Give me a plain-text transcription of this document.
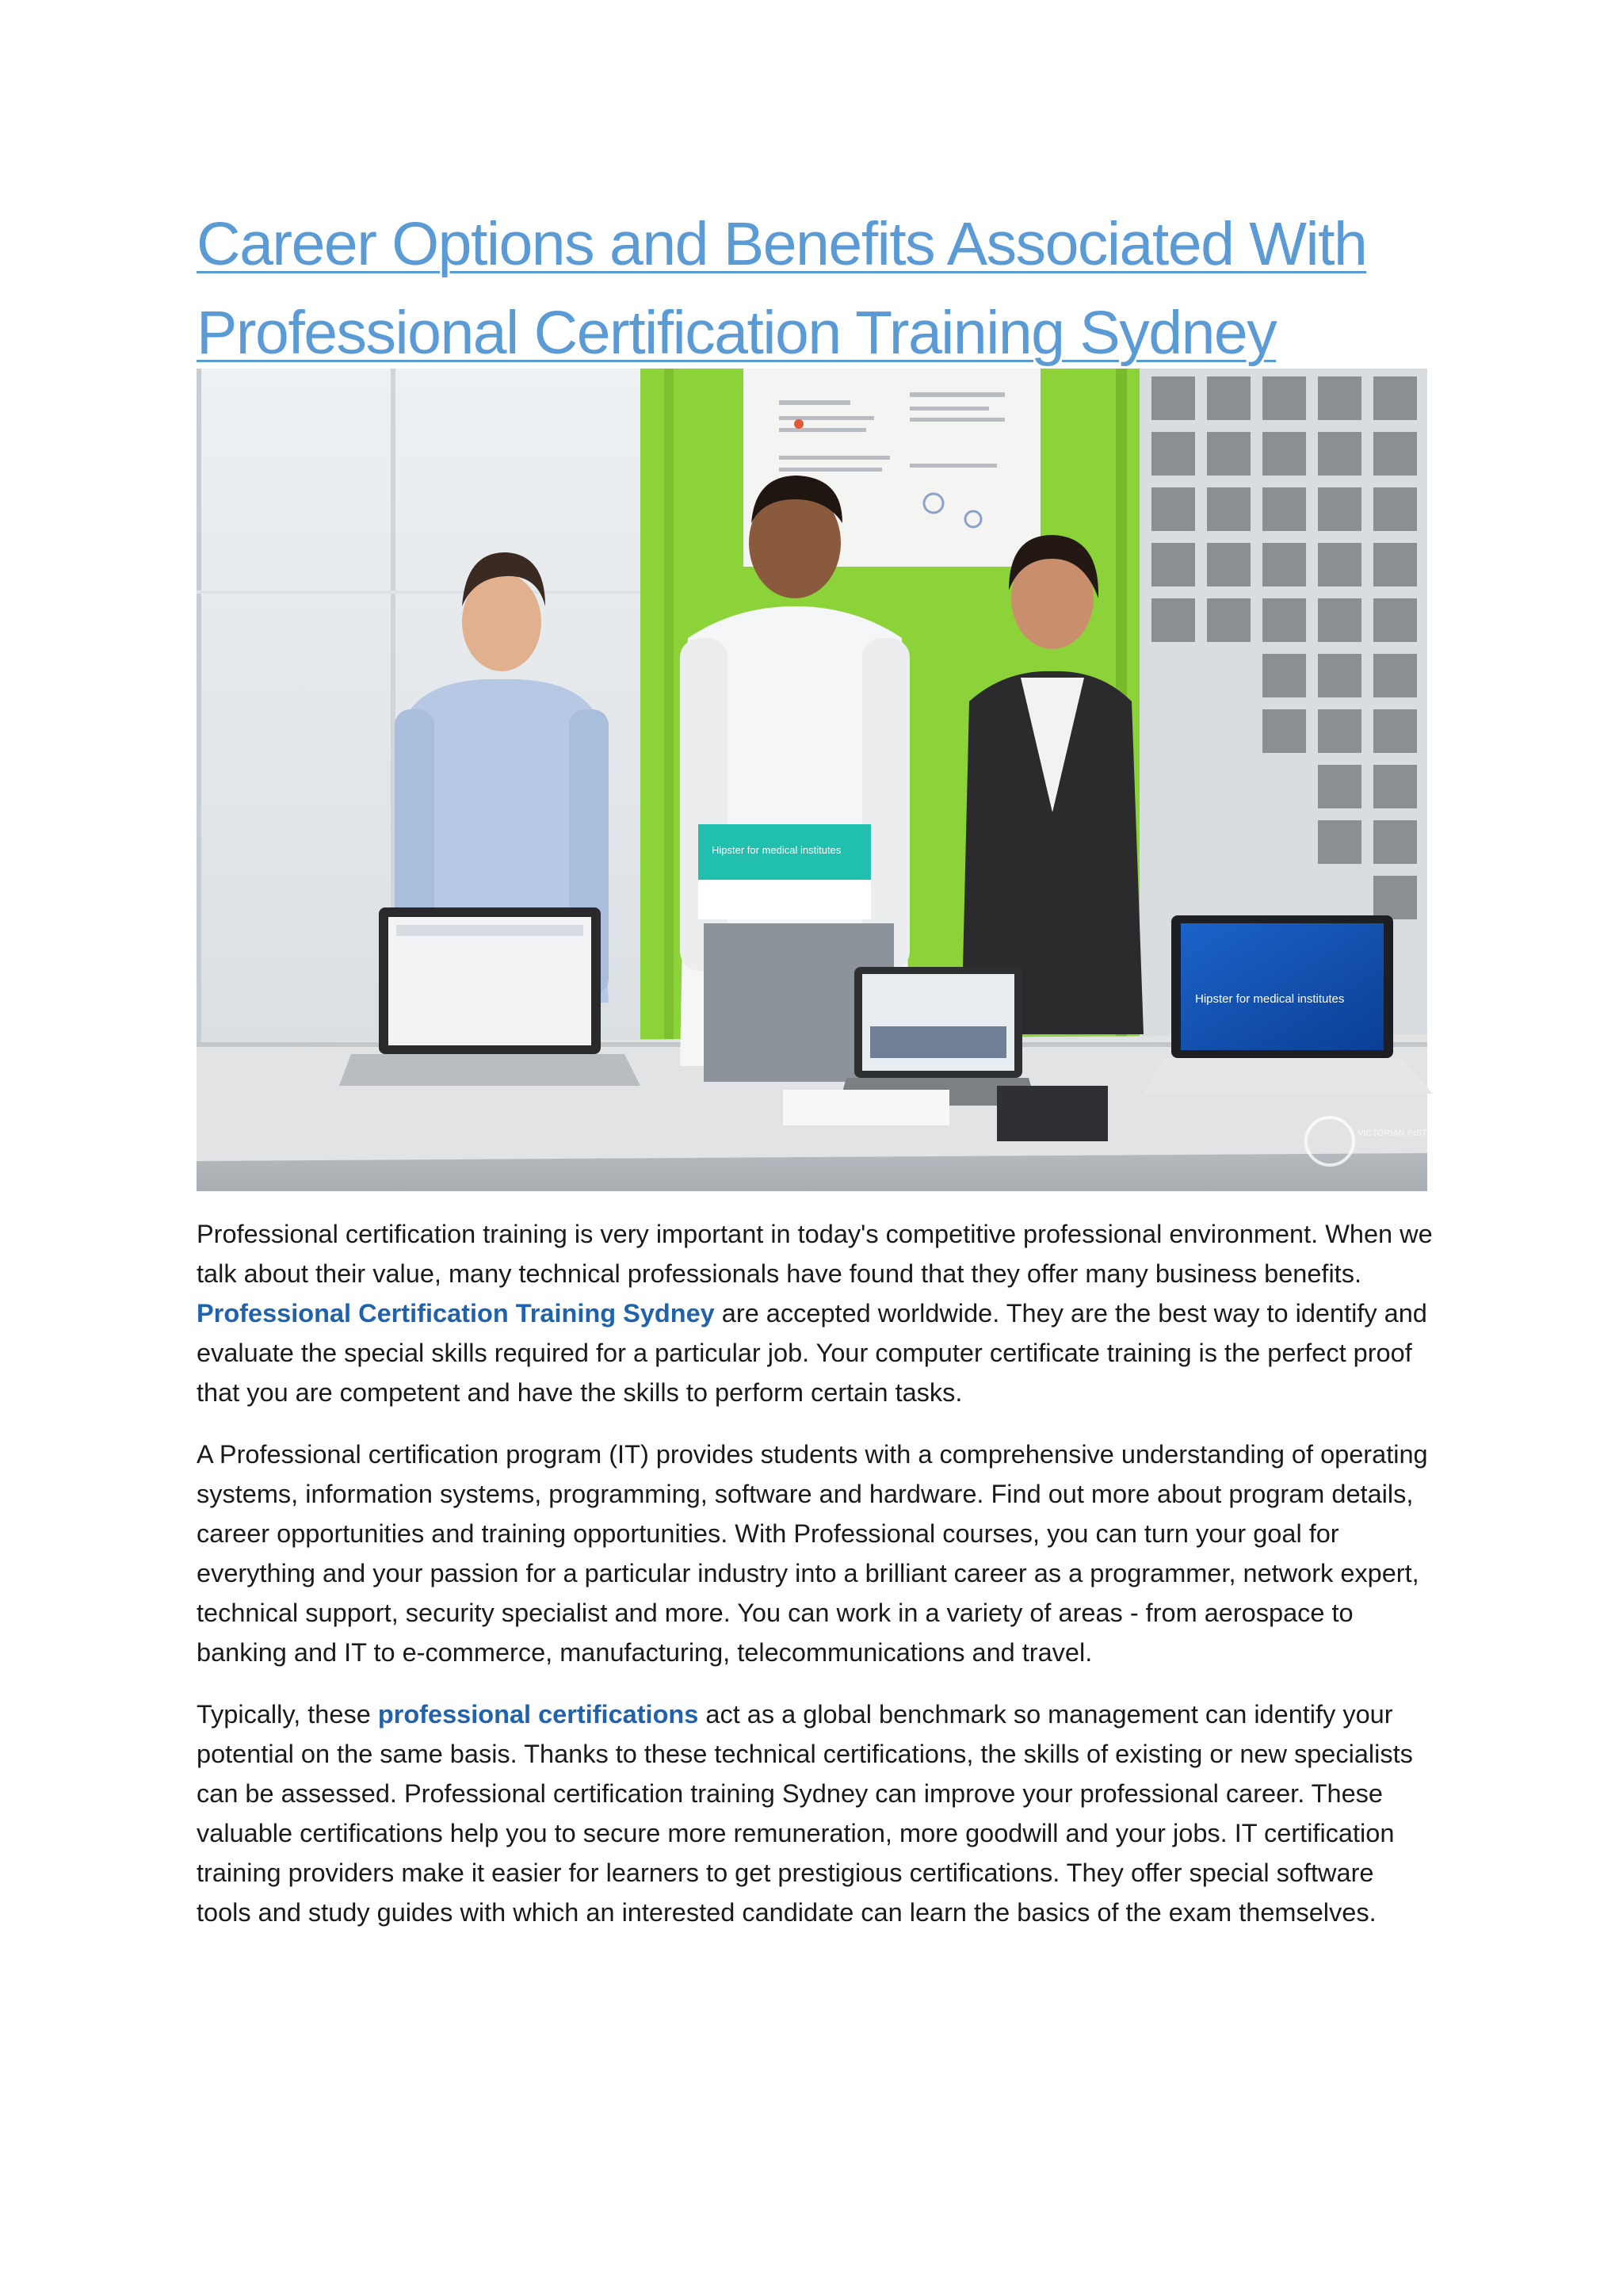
Career Options and Benefits Associated With
Professional Certification Training Sydney
Hipster for medical institutes
Hipster for medical institutes
VICTORIAN INSTITUTE OF TECHNOLOGY

Professional certification training is very important in today's competitive professional environment. When we talk about their value, many technical professionals have found that they offer many business benefits. Professional Certification Training Sydney are accepted worldwide. They are the best way to identify and evaluate the special skills required for a particular job. Your computer certificate training is the perfect proof that you are competent and have the skills to perform certain tasks.

A Professional certification program (IT) provides students with a comprehensive understanding of operating systems, information systems, programming, software and hardware. Find out more about program details, career opportunities and training opportunities. With Professional courses, you can turn your goal for everything and your passion for a particular industry into a brilliant career as a programmer, network expert, technical support, security specialist and more. You can work in a variety of areas - from aerospace to banking and IT to e-commerce, manufacturing, telecommunications and travel.

Typically, these professional certifications act as a global benchmark so management can identify your potential on the same basis. Thanks to these technical certifications, the skills of existing or new specialists can be assessed. Professional certification training Sydney can improve your professional career. These valuable certifications help you to secure more remuneration, more goodwill and your jobs. IT certification training providers make it easier for learners to get prestigious certifications. They offer special software tools and study guides with which an interested candidate can learn the basics of the exam themselves.
